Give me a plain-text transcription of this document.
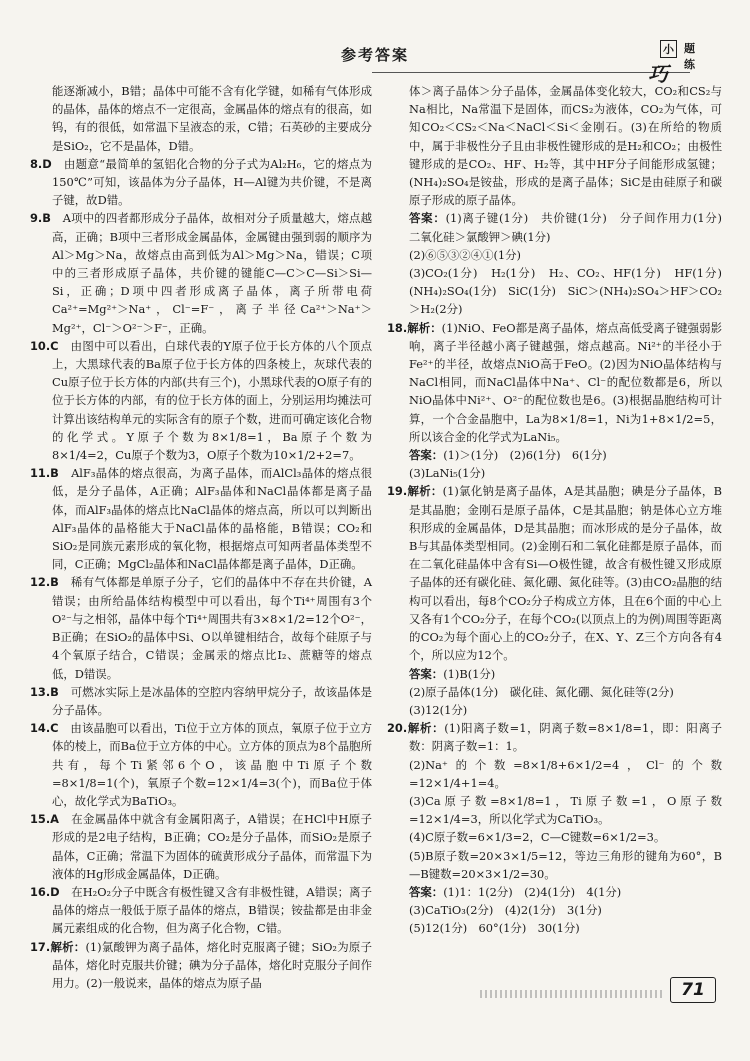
参考答案	小 题
练
巧

能逐渐减小，B错；晶体中可能不含有化学键，如稀有气体形成的晶体，晶体的熔点不一定很高，金属晶体的熔点有的很高，如钨，有的很低，如常温下呈液态的汞，C错；石英砂的主要成分是SiO₂，它不是晶体，D错。

8.D　 由题意“最简单的氢铝化合物的分子式为Al₂H₆，它的熔点为150℃”可知，该晶体为分子晶体，H—Al键为共价键，不是离子键，故D错。

9.B　 A项中的四者都形成分子晶体，故相对分子质量越大，熔点越高，正确；B项中三者形成金属晶体，金属键由强到弱的顺序为Al＞Mg＞Na，故熔点由高到低为Al＞Mg＞Na，错误；C项中的三者形成原子晶体，共价键的键能C—C＞C—Si＞Si—Si，正确；D项中四者形成离子晶体，离子所带电荷Ca²⁺=Mg²⁺＞Na⁺，Cl⁻=F⁻，离子半径Ca²⁺＞Na⁺＞Mg²⁺，Cl⁻＞O²⁻＞F⁻，正确。

10.C　 由图中可以看出，白球代表的Y原子位于长方体的八个顶点上，大黑球代表的Ba原子位于长方体的四条棱上，灰球代表的Cu原子位于长方体的内部(共有三个)，小黑球代表的O原子有的位于长方体的内部，有的位于长方体的面上，分别运用均摊法可计算出该结构单元的实际含有的原子个数，进而可确定该化合物的化学式。Y原子个数为8×1/8=1，Ba原子个数为8×1/4=2，Cu原子个数为3，O原子个数为10×1/2+2=7。

11.B　 AlF₃晶体的熔点很高，为离子晶体，而AlCl₃晶体的熔点很低，是分子晶体，A正确；AlF₃晶体和NaCl晶体都是离子晶体，而AlF₃晶体的熔点比NaCl晶体的熔点高，所以可以判断出AlF₃晶体的晶格能大于NaCl晶体的晶格能，B错误；CO₂和SiO₂是同族元素形成的氧化物，根据熔点可知两者晶体类型不同，C正确；MgCl₂晶体和NaCl晶体都是离子晶体，D正确。

12.B　 稀有气体都是单原子分子，它们的晶体中不存在共价键，A错误；由所给晶体结构模型中可以看出，每个Ti⁴⁺周围有3个O²⁻与之相邻，晶体中每个Ti⁴⁺周围共有3×8×1/2=12个O²⁻，B正确；在SiO₂的晶体中Si、O以单键相结合，故每个硅原子与4个氧原子结合，C错误；金属汞的熔点比I₂、蔗糖等的熔点低，D错误。

13.B　 可燃冰实际上是冰晶体的空腔内容纳甲烷分子，故该晶体是分子晶体。

14.C　 由该晶胞可以看出，Ti位于立方体的顶点，氧原子位于立方体的棱上，而Ba位于立方体的中心。立方体的顶点为8个晶胞所共有，每个Ti紧邻6个O，该晶胞中Ti原子个数=8×1/8=1(个)，氧原子个数=12×1/4=3(个)，而Ba位于体心，故化学式为BaTiO₃。

15.A　 在金属晶体中就含有金属阳离子，A错误；在HCl中H原子形成的是2电子结构，B正确；CO₂是分子晶体，而SiO₂是原子晶体，C正确；常温下为固体的硫黄形成分子晶体，而常温下为液体的Hg形成金属晶体，D正确。

16.D　 在H₂O₂分子中既含有极性键又含有非极性键，A错误；离子晶体的熔点一般低于原子晶体的熔点，B错误；铵盐都是由非金属元素组成的化合物，但为离子化合物，C错。

17.解析：(1)氯酸钾为离子晶体，熔化时克服离子键；SiO₂为原子晶体，熔化时克服共价键；碘为分子晶体，熔化时克服分子间作用力。(2)一般说来，晶体的熔点为原子晶

体＞离子晶体＞分子晶体，金属晶体变化较大，CO₂和CS₂与Na相比，Na常温下是固体，而CS₂为液体，CO₂为气体，可知CO₂＜CS₂＜Na＜NaCl＜Si＜金刚石。(3)在所给的物质中，属于非极性分子且由非极性键形成的是H₂和CO₂；由极性键形成的是CO₂、HF、H₂等，其中HF分子间能形成氢键；(NH₄)₂SO₄是铵盐，形成的是离子晶体；SiC是由硅原子和碳原子形成的原子晶体。

答案：(1)离子键(1分)　共价键(1分)　分子间作用力(1分)　二氧化硅＞氯酸钾＞碘(1分)

(2)⑥⑤③②④①(1分)

(3)CO₂(1分)　H₂(1分)　H₂、CO₂、HF(1分)　HF(1分)　(NH₄)₂SO₄(1分)　SiC(1分)　SiC＞(NH₄)₂SO₄＞HF＞CO₂＞H₂(2分)

18.解析：(1)NiO、FeO都是离子晶体，熔点高低受离子键强弱影响，离子半径越小离子键越强，熔点越高。Ni²⁺的半径小于Fe²⁺的半径，故熔点NiO高于FeO。(2)因为NiO晶体结构与NaCl相同，而NaCl晶体中Na⁺、Cl⁻的配位数都是6，所以NiO晶体中Ni²⁺、O²⁻的配位数也是6。(3)根据晶胞结构可计算，一个合金晶胞中，La为8×1/8=1，Ni为1+8×1/2=5，所以该合金的化学式为LaNi₅。

答案：(1)＞(1分)　(2)6(1分)　6(1分)

(3)LaNi₅(1分)

19.解析：(1)氯化钠是离子晶体，A是其晶胞；碘是分子晶体，B是其晶胞；金刚石是原子晶体，C是其晶胞；钠是体心立方堆积形成的金属晶体，D是其晶胞；而冰形成的是分子晶体，故B与其晶体类型相同。(2)金刚石和二氧化硅都是原子晶体，而在二氧化硅晶体中含有Si—O极性键，故含有极性键又形成原子晶体的还有碳化硅、氮化硼、氮化硅等。(3)由CO₂晶胞的结构可以看出，每8个CO₂分子构成立方体，且在6个面的中心上又各有1个CO₂分子，在每个CO₂(以顶点上的为例)周围等距离的CO₂为每个面心上的CO₂分子，在X、Y、Z三个方向各有4个，所以应为12个。

答案：(1)B(1分)

(2)原子晶体(1分)　碳化硅、氮化硼、氮化硅等(2分)

(3)12(1分)

20.解析：(1)阳离子数=1，阴离子数=8×1/8=1，即：阳离子数：阴离子数=1：1。

(2)Na⁺的个数=8×1/8+6×1/2=4，Cl⁻的个数=12×1/4+1=4。

(3)Ca原子数=8×1/8=1，Ti原子数=1，O原子数=12×1/4=3，所以化学式为CaTiO₃。

(4)C原子数=6×1/3=2，C—C键数=6×1/2=3。

(5)B原子数=20×3×1/5=12，等边三角形的键角为60°，B—B键数=20×3×1/2=30。

答案：(1)1：1(2分)　(2)4(1分)　4(1分)

(3)CaTiO₃(2分)　(4)2(1分)　3(1分)

(5)12(1分)　60°(1分)　30(1分)

71
